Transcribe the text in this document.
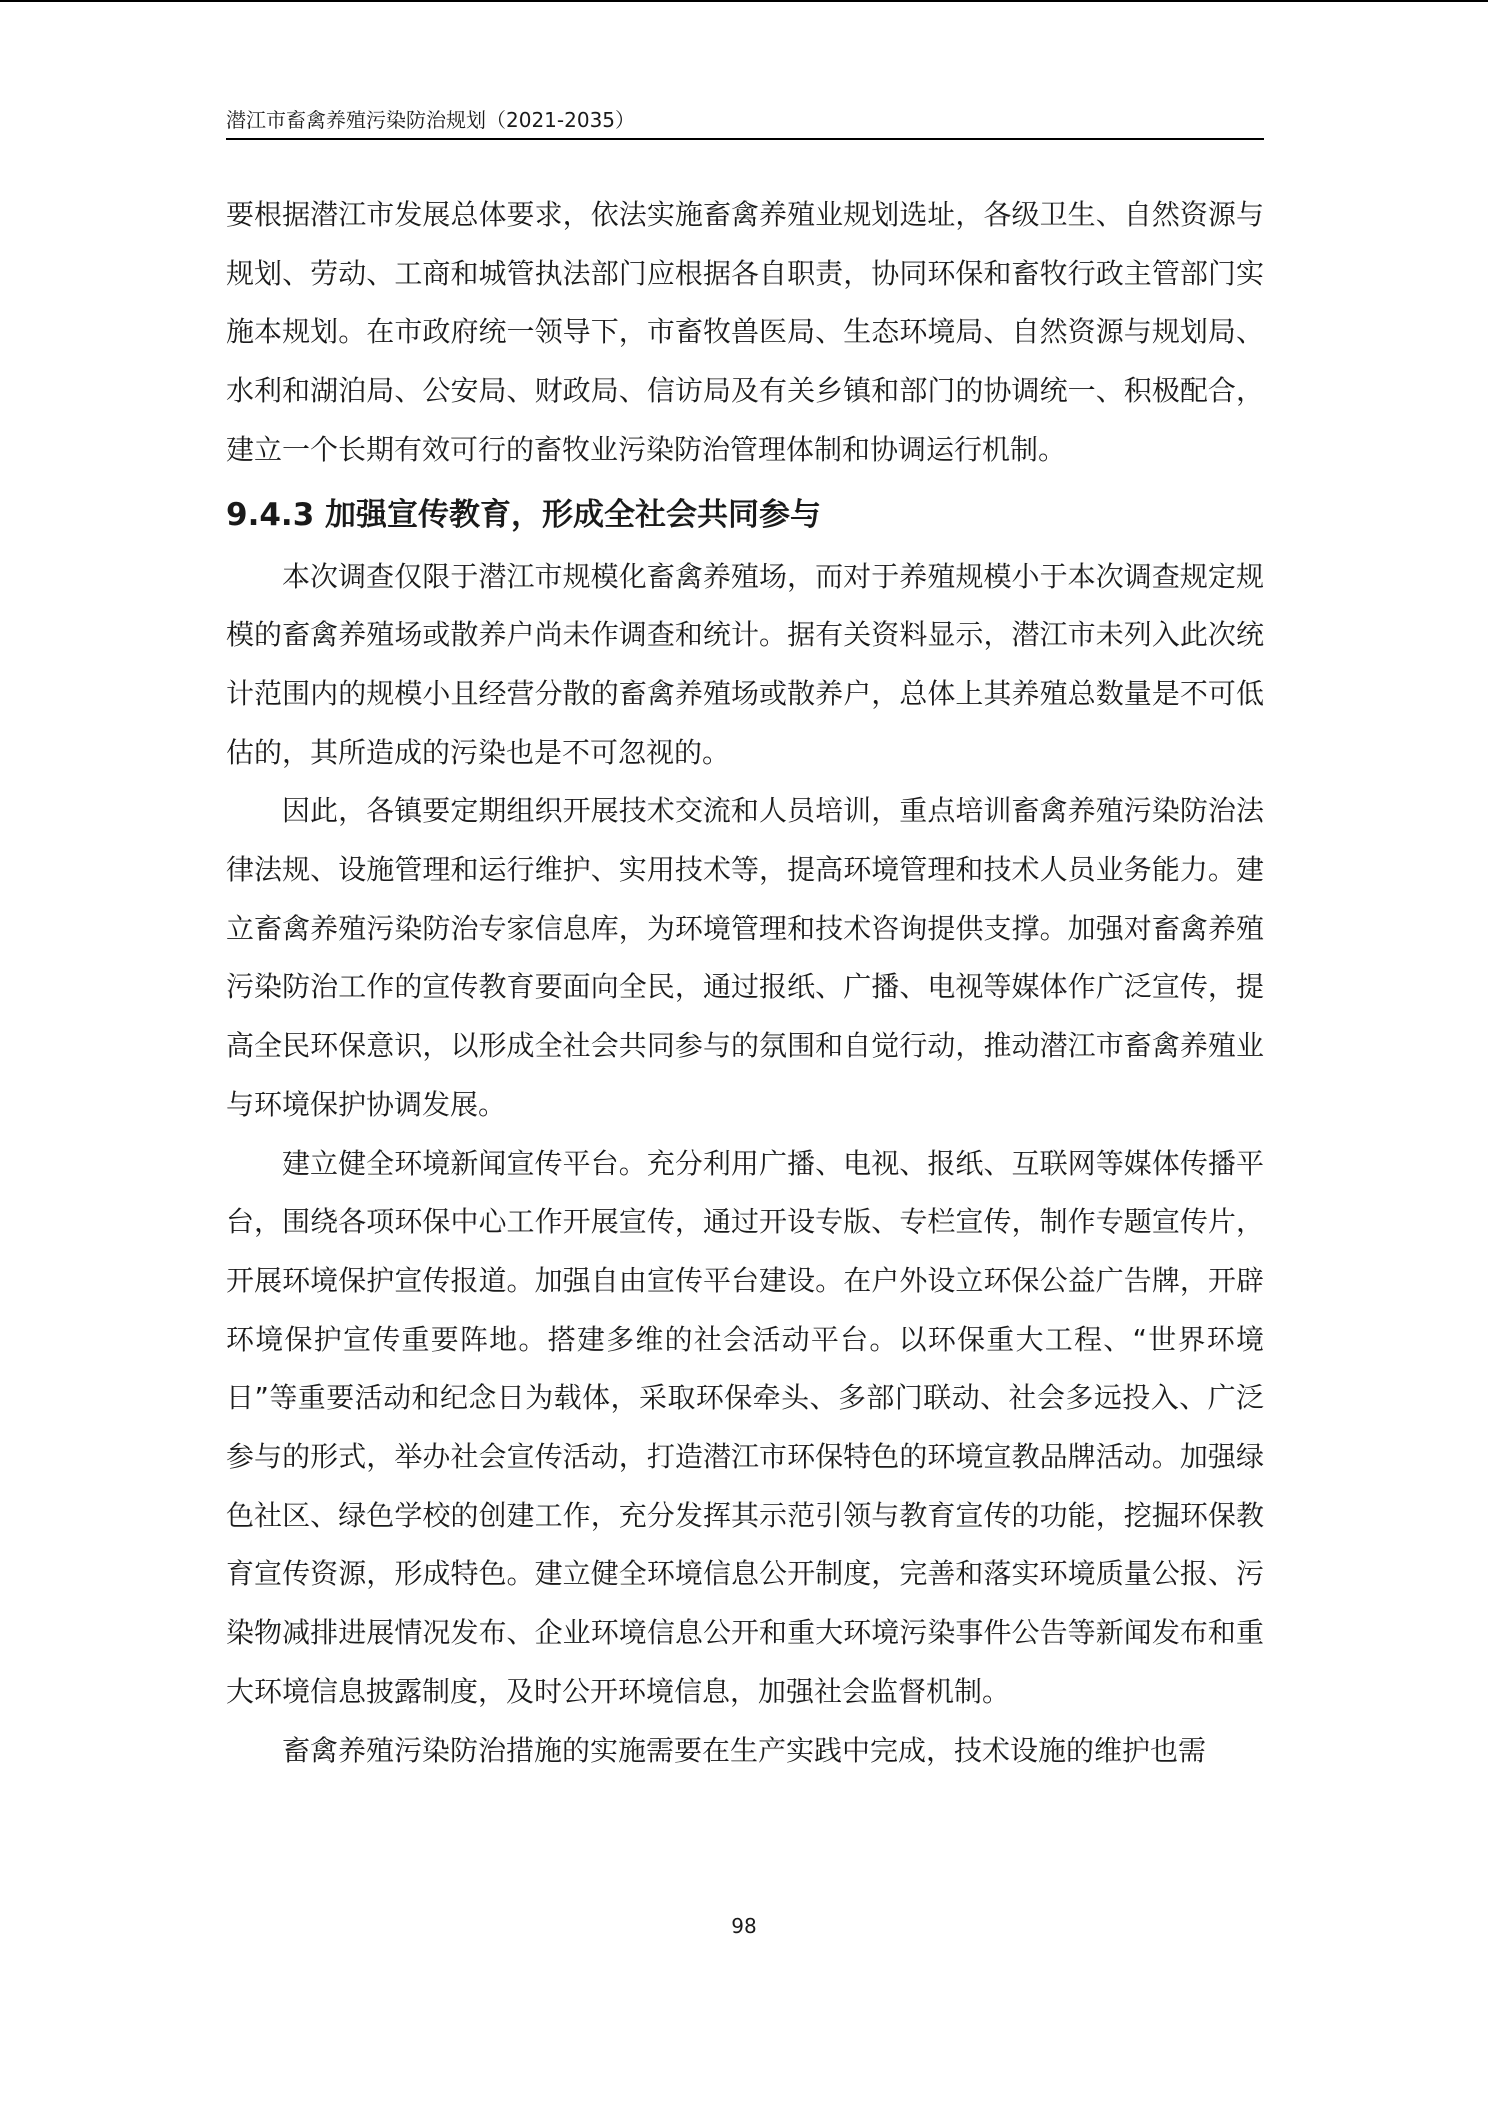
潜江市畜禽养殖污染防治规划（2021-2035）

要根据潜江市发展总体要求，依法实施畜禽养殖业规划选址，各级卫生、自然资源与规划、劳动、工商和城管执法部门应根据各自职责，协同环保和畜牧行政主管部门实施本规划。在市政府统一领导下，市畜牧兽医局、生态环境局、自然资源与规划局、水利和湖泊局、公安局、财政局、信访局及有关乡镇和部门的协调统一、积极配合，建立一个长期有效可行的畜牧业污染防治管理体制和协调运行机制。

9.4.3 加强宣传教育，形成全社会共同参与

本次调查仅限于潜江市规模化畜禽养殖场，而对于养殖规模小于本次调查规定规模的畜禽养殖场或散养户尚未作调查和统计。据有关资料显示，潜江市未列入此次统计范围内的规模小且经营分散的畜禽养殖场或散养户，总体上其养殖总数量是不可低估的，其所造成的污染也是不可忽视的。

因此，各镇要定期组织开展技术交流和人员培训，重点培训畜禽养殖污染防治法律法规、设施管理和运行维护、实用技术等，提高环境管理和技术人员业务能力。建立畜禽养殖污染防治专家信息库，为环境管理和技术咨询提供支撑。加强对畜禽养殖污染防治工作的宣传教育要面向全民，通过报纸、广播、电视等媒体作广泛宣传，提高全民环保意识，以形成全社会共同参与的氛围和自觉行动，推动潜江市畜禽养殖业与环境保护协调发展。

建立健全环境新闻宣传平台。充分利用广播、电视、报纸、互联网等媒体传播平台，围绕各项环保中心工作开展宣传，通过开设专版、专栏宣传，制作专题宣传片，开展环境保护宣传报道。加强自由宣传平台建设。在户外设立环保公益广告牌，开辟环境保护宣传重要阵地。搭建多维的社会活动平台。以环保重大工程、“世界环境日”等重要活动和纪念日为载体，采取环保牵头、多部门联动、社会多远投入、广泛参与的形式，举办社会宣传活动，打造潜江市环保特色的环境宣教品牌活动。加强绿色社区、绿色学校的创建工作，充分发挥其示范引领与教育宣传的功能，挖掘环保教育宣传资源，形成特色。建立健全环境信息公开制度，完善和落实环境质量公报、污染物减排进展情况发布、企业环境信息公开和重大环境污染事件公告等新闻发布和重大环境信息披露制度，及时公开环境信息，加强社会监督机制。

畜禽养殖污染防治措施的实施需要在生产实践中完成，技术设施的维护也需

98
